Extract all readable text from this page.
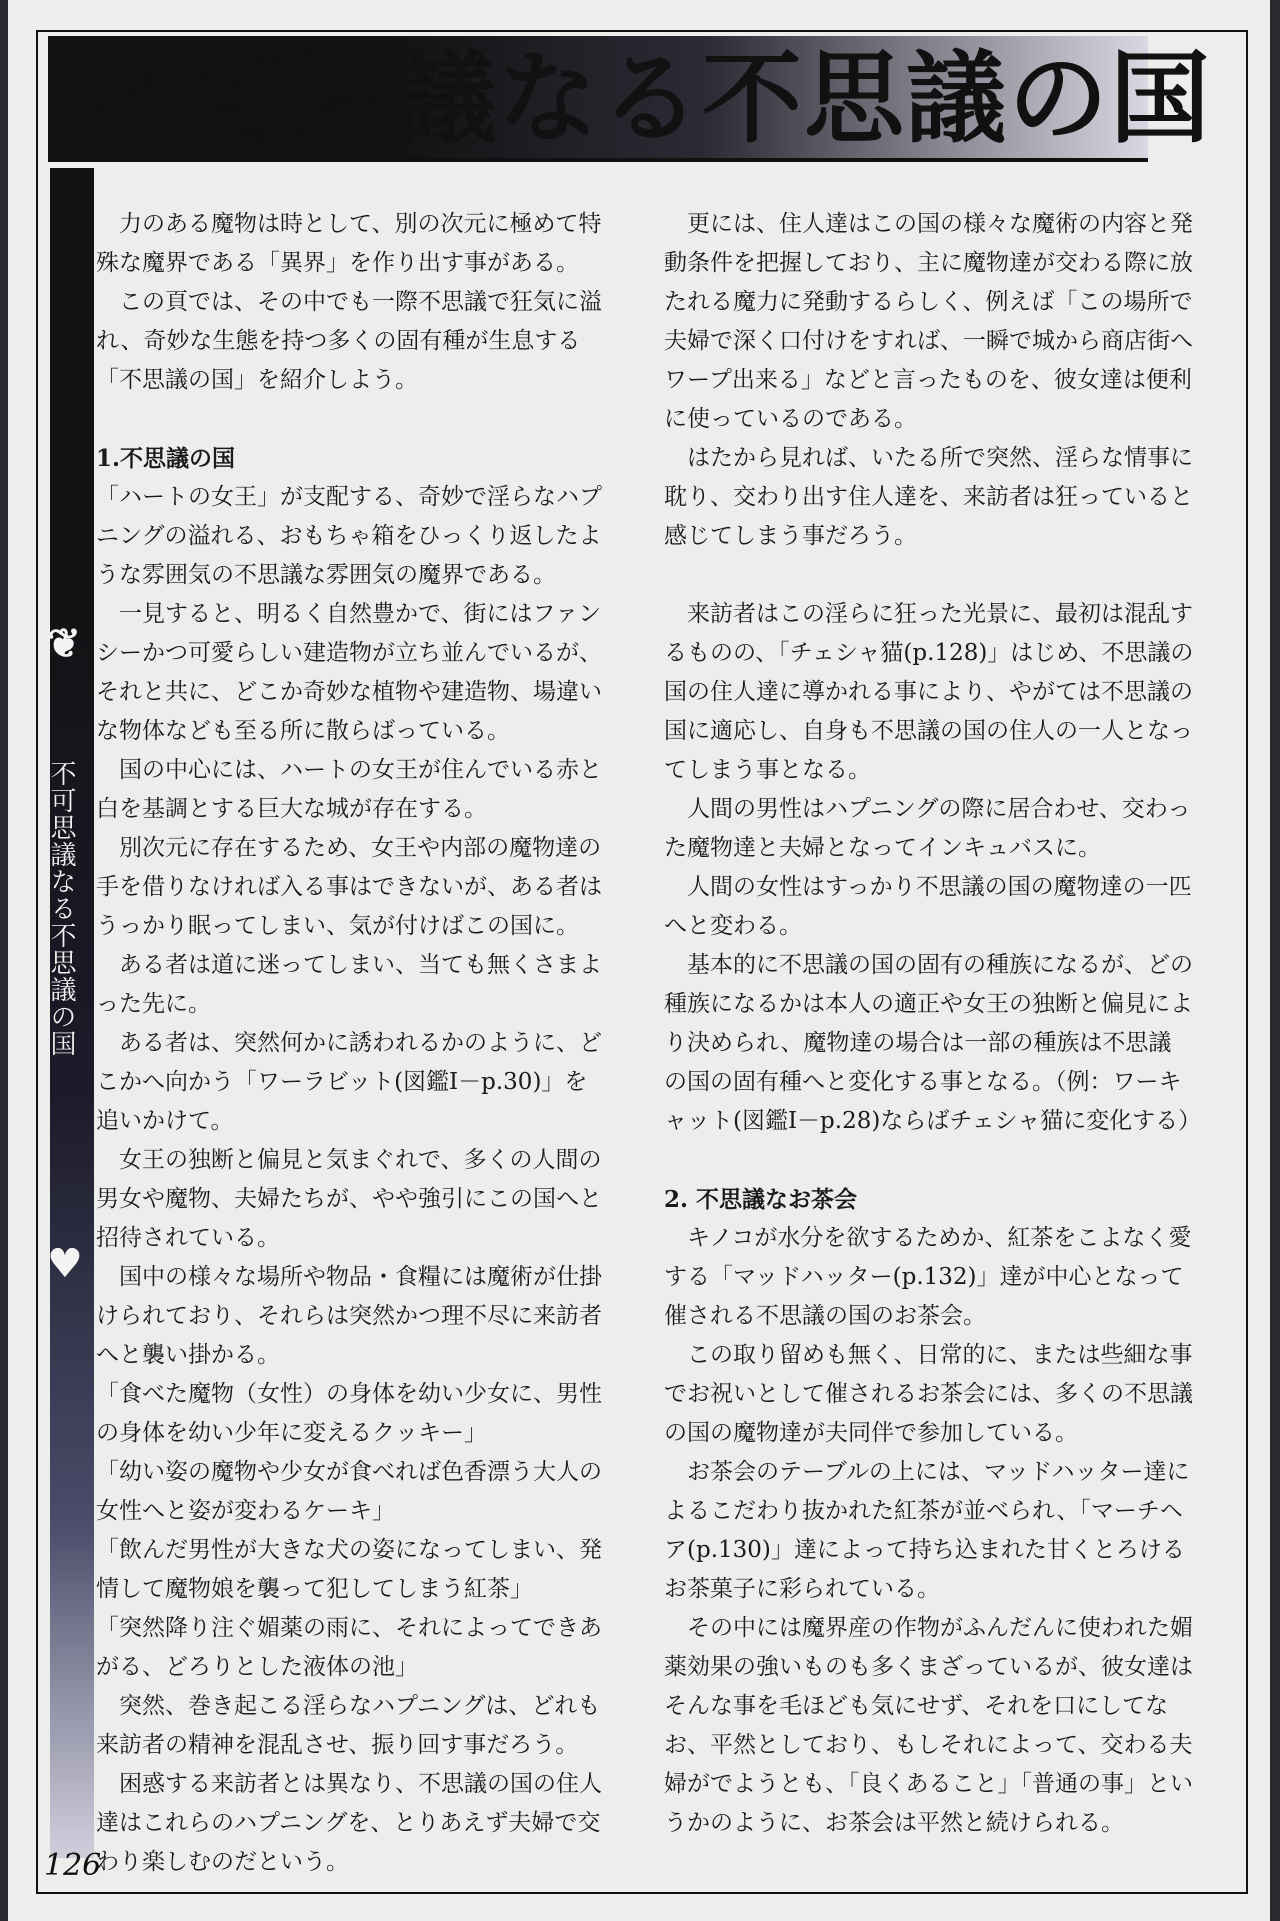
不可思議なる不思議の国
❦
♥
不可思議なる不思議の国

力のある魔物は時として、別の次元に極めて特殊な魔界である「異界」を作り出す事がある。

この頁では、その中でも一際不思議で狂気に溢れ、奇妙な生態を持つ多くの固有種が生息する「不思議の国」を紹介しよう。

1.不思議の国

「ハートの女王」が支配する、奇妙で淫らなハプニングの溢れる、おもちゃ箱をひっくり返したような雰囲気の不思議な雰囲気の魔界である。

一見すると、明るく自然豊かで、街にはファンシーかつ可愛らしい建造物が立ち並んでいるが、それと共に、どこか奇妙な植物や建造物、場違いな物体なども至る所に散らばっている。

国の中心には、ハートの女王が住んでいる赤と白を基調とする巨大な城が存在する。

別次元に存在するため、女王や内部の魔物達の手を借りなければ入る事はできないが、ある者はうっかり眠ってしまい、気が付けばこの国に。

ある者は道に迷ってしまい、当ても無くさまよった先に。

ある者は、突然何かに誘われるかのように、どこかへ向かう「ワーラビット(図鑑Ⅰ－p.30)」を追いかけて。

女王の独断と偏見と気まぐれで、多くの人間の男女や魔物、夫婦たちが、やや強引にこの国へと招待されている。

国中の様々な場所や物品・食糧には魔術が仕掛けられており、それらは突然かつ理不尽に来訪者へと襲い掛かる。

「食べた魔物（女性）の身体を幼い少女に、男性の身体を幼い少年に変えるクッキー」

「幼い姿の魔物や少女が食べれば色香漂う大人の女性へと姿が変わるケーキ」

「飲んだ男性が大きな犬の姿になってしまい、発情して魔物娘を襲って犯してしまう紅茶」

「突然降り注ぐ媚薬の雨に、それによってできあがる、どろりとした液体の池」

突然、巻き起こる淫らなハプニングは、どれも来訪者の精神を混乱させ、振り回す事だろう。

困惑する来訪者とは異なり、不思議の国の住人達はこれらのハプニングを、とりあえず夫婦で交わり楽しむのだという。

更には、住人達はこの国の様々な魔術の内容と発動条件を把握しており、主に魔物達が交わる際に放たれる魔力に発動するらしく、例えば「この場所で夫婦で深く口付けをすれば、一瞬で城から商店街へワープ出来る」などと言ったものを、彼女達は便利に使っているのである。

はたから見れば、いたる所で突然、淫らな情事に耽り、交わり出す住人達を、来訪者は狂っていると感じてしまう事だろう。

来訪者はこの淫らに狂った光景に、最初は混乱するものの、「チェシャ猫(p.128)」はじめ、不思議の国の住人達に導かれる事により、やがては不思議の国に適応し、自身も不思議の国の住人の一人となってしまう事となる。

人間の男性はハプニングの際に居合わせ、交わった魔物達と夫婦となってインキュバスに。

人間の女性はすっかり不思議の国の魔物達の一匹へと変わる。

基本的に不思議の国の固有の種族になるが、どの種族になるかは本人の適正や女王の独断と偏見により決められ、魔物達の場合は一部の種族は不思議の国の固有種へと変化する事となる。（例：ワーキャット(図鑑Ⅰ－p.28)ならばチェシャ猫に変化する）

2. 不思議なお茶会

キノコが水分を欲するためか、紅茶をこよなく愛する「マッドハッター(p.132)」達が中心となって催される不思議の国のお茶会。

この取り留めも無く、日常的に、または些細な事でお祝いとして催されるお茶会には、多くの不思議の国の魔物達が夫同伴で参加している。

お茶会のテーブルの上には、マッドハッター達によるこだわり抜かれた紅茶が並べられ、「マーチヘア(p.130)」達によって持ち込まれた甘くとろけるお茶菓子に彩られている。

その中には魔界産の作物がふんだんに使われた媚薬効果の強いものも多くまざっているが、彼女達はそんな事を毛ほども気にせず、それを口にしてなお、平然としており、もしそれによって、交わる夫婦がでようとも、「良くあること」「普通の事」というかのように、お茶会は平然と続けられる。

126
